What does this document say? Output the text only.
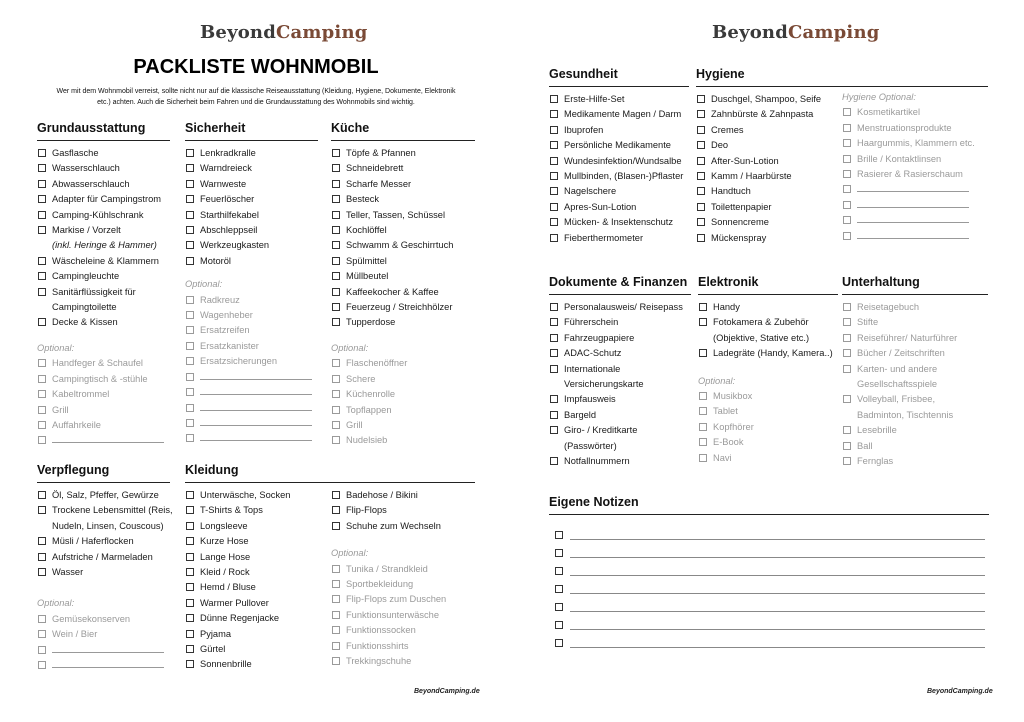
BeyondCamping
PACKLISTE WOHNMOBIL
Wer mit dem Wohnmobil verreist, sollte nicht nur auf die klassische Reiseausstattung (Kleidung, Hygiene, Dokumente, Elektronik etc.) achten. Auch die Sicherheit beim Fahren und die Grundausstattung des Wohnmobils sind wichtig.
Grundausstattung
Gasflasche
Wasserschlauch
Abwasserschlauch
Adapter für Campingstrom
Camping-Kühlschrank
Markise / Vorzelt
(inkl. Heringe & Hammer)
Wäscheleine & Klammern
Campingleuchte
Sanitärflüssigkeit für
Campingtoilette
Decke & Kissen
Optional:
Handfeger & Schaufel
Campingtisch & -stühle
Kabeltrommel
Grill
Auffahrkeile
Sicherheit
Lenkradkralle
Warndreieck
Warnweste
Feuerlöscher
Starthilfekabel
Abschleppseil
Werkzeugkasten
Motoröl
Optional:
Radkreuz
Wagenheber
Ersatzreifen
Ersatzkanister
Ersatzsicherungen
Küche
Töpfe & Pfannen
Schneidebrett
Scharfe Messer
Besteck
Teller, Tassen, Schüssel
Kochlöffel
Schwamm & Geschirrtuch
Spülmittel
Müllbeutel
Kaffeekocher & Kaffee
Feuerzeug / Streichhölzer
Tupperdose
Optional:
Flaschenöffner
Schere
Küchenrolle
Topflappen
Grill
Nudelsieb
Verpflegung
Öl, Salz, Pfeffer, Gewürze
Trockene Lebensmittel (Reis,
Nudeln, Linsen, Couscous)
Müsli / Haferflocken
Aufstriche / Marmeladen
Wasser
Optional:
Gemüsekonserven
Wein / Bier
Kleidung
Unterwäsche, Socken
T-Shirts & Tops
Longsleeve
Kurze Hose
Lange Hose
Kleid / Rock
Hemd / Bluse
Warmer Pullover
Dünne Regenjacke
Pyjama
Gürtel
Sonnenbrille
Badehose / Bikini
Flip-Flops
Schuhe zum Wechseln
Optional:
Tunika / Strandkleid
Sportbekleidung
Flip-Flops zum Duschen
Funktionsunterwäsche
Funktionssocken
Funktionsshirts
Trekkingschuhe
BeyondCamping.de
BeyondCamping
Gesundheit
Erste-Hilfe-Set
Medikamente Magen / Darm
Ibuprofen
Persönliche Medikamente
Wundesinfektion/Wundsalbe
Mullbinden, (Blasen-)Pflaster
Nagelschere
Apres-Sun-Lotion
Mücken- & Insektenschutz
Fieberthermometer
Hygiene
Duschgel, Shampoo, Seife
Zahnbürste & Zahnpasta
Cremes
Deo
After-Sun-Lotion
Kamm / Haarbürste
Handtuch
Toilettenpapier
Sonnencreme
Mückenspray
Hygiene Optional:
Kosmetikartikel
Menstruationsprodukte
Haargummis, Klammern etc.
Brille / Kontaktlinsen
Rasierer & Rasierschaum
Dokumente & Finanzen
Personalausweis/ Reisepass
Führerschein
Fahrzeugpapiere
ADAC-Schutz
Internationale
Versicherungskarte
Impfausweis
Bargeld
Giro- / Kreditkarte
(Passwörter)
Notfallnummern
Elektronik
Handy
Fotokamera & Zubehör
(Objektive, Stative etc.)
Ladegräte (Handy, Kamera..)
Optional:
Musikbox
Tablet
Kopfhörer
E-Book
Navi
Unterhaltung
Reisetagebuch
Stifte
Reiseführer/ Naturführer
Bücher / Zeitschriften
Karten- und andere
Gesellschaftsspiele
Volleyball, Frisbee,
Badminton, Tischtennis
Lesebrille
Ball
Fernglas
Eigene Notizen
BeyondCamping.de
